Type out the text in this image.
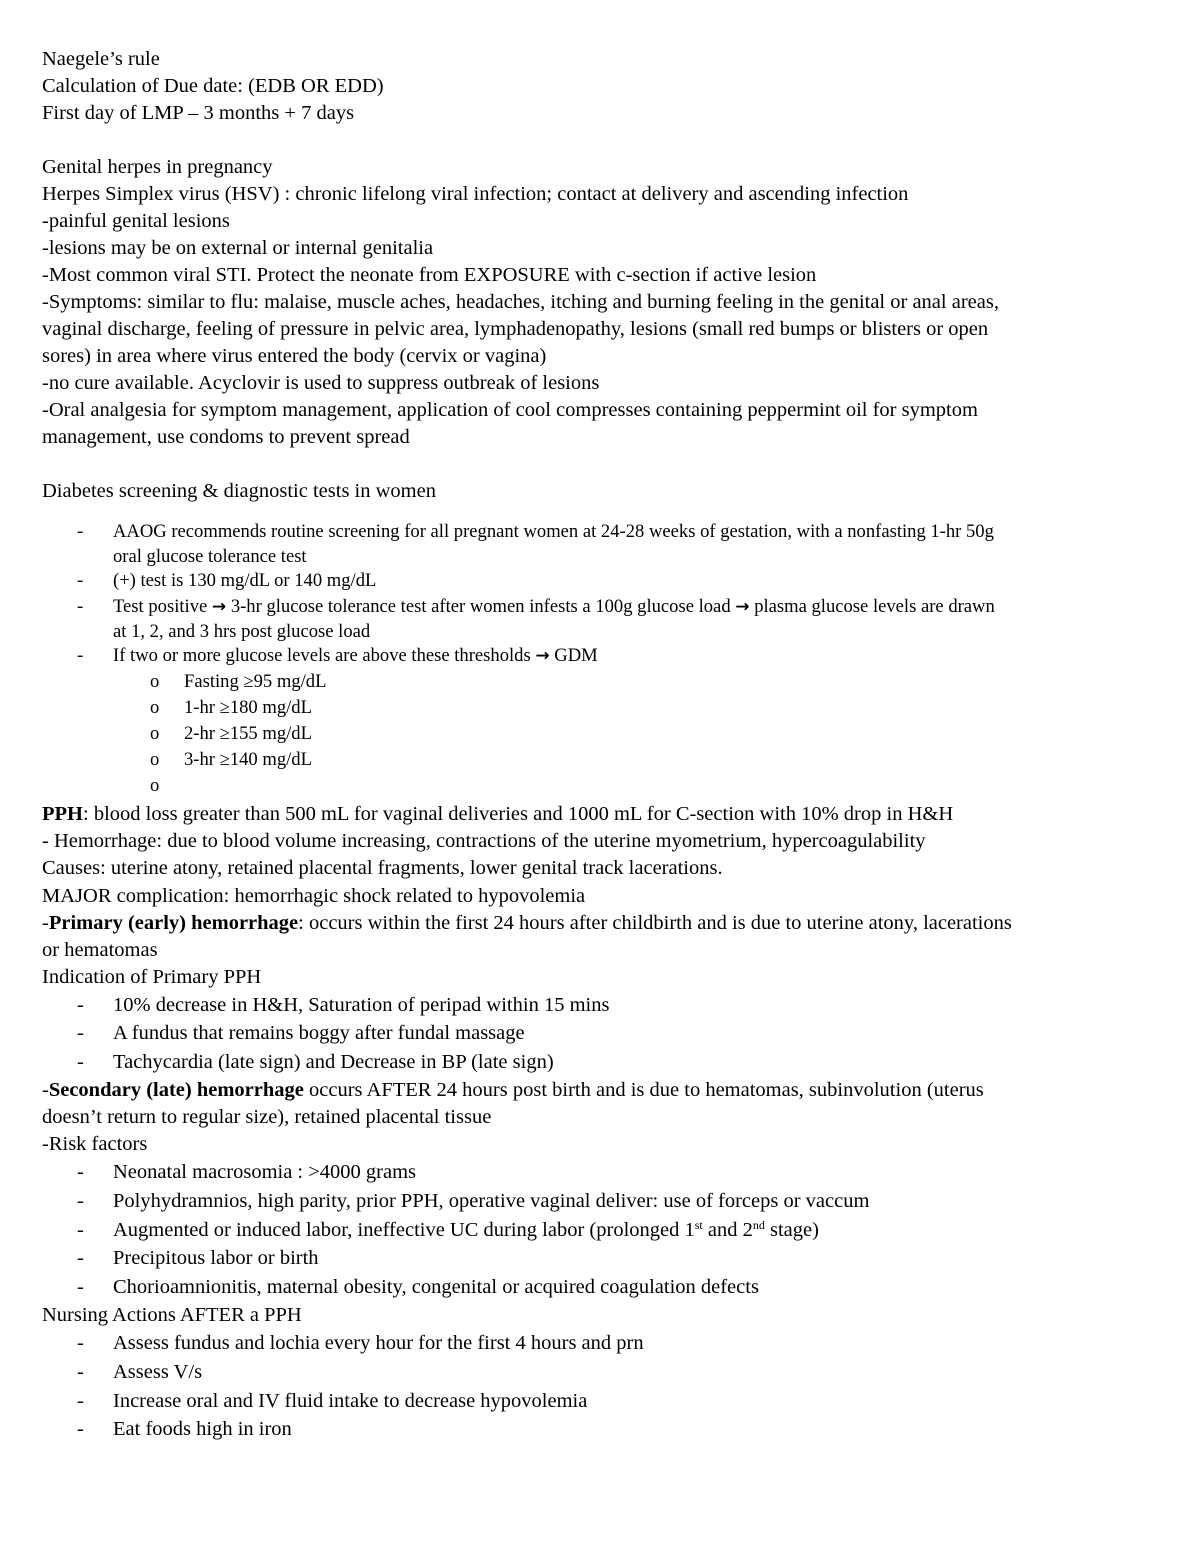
Naegele’s rule
Calculation of Due date: (EDB OR EDD)
First day of LMP – 3 months + 7 days
Genital herpes in pregnancy
Herpes Simplex virus (HSV) : chronic lifelong viral infection; contact at delivery and ascending infection
-painful genital lesions
-lesions may be on external or internal genitalia
-Most common viral STI. Protect the neonate from EXPOSURE with c-section if active lesion
-Symptoms: similar to flu: malaise, muscle aches, headaches, itching and burning feeling in the genital or anal areas,
vaginal discharge, feeling of pressure in pelvic area, lymphadenopathy, lesions (small red bumps or blisters or open
sores) in area where virus entered the body (cervix or vagina)
-no cure available. Acyclovir is used to suppress outbreak of lesions
-Oral analgesia for symptom management, application of cool compresses containing peppermint oil for symptom
management, use condoms to prevent spread
Diabetes screening & diagnostic tests in women
- AAOG recommends routine screening for all pregnant women at 24-28 weeks of gestation, with a nonfasting 1-hr 50g
oral glucose tolerance test
- (+) test is 130 mg/dL or 140 mg/dL
- Test positive → 3-hr glucose tolerance test after women infests a 100g glucose load → plasma glucose levels are drawn
at 1, 2, and 3 hrs post glucose load
- If two or more glucose levels are above these thresholds → GDM
o Fasting ≥95 mg/dL
o 1-hr ≥180 mg/dL
o 2-hr ≥155 mg/dL
o 3-hr ≥140 mg/dL
o
PPH: blood loss greater than 500 mL for vaginal deliveries and 1000 mL for C-section with 10% drop in H&H
- Hemorrhage: due to blood volume increasing, contractions of the uterine myometrium, hypercoagulability
Causes: uterine atony, retained placental fragments, lower genital track lacerations.
MAJOR complication: hemorrhagic shock related to hypovolemia
-Primary (early) hemorrhage: occurs within the first 24 hours after childbirth and is due to uterine atony, lacerations
or hematomas
Indication of Primary PPH
- 10% decrease in H&H, Saturation of peripad within 15 mins
- A fundus that remains boggy after fundal massage
- Tachycardia (late sign) and Decrease in BP (late sign)
-Secondary (late) hemorrhage occurs AFTER 24 hours post birth and is due to hematomas, subinvolution (uterus
doesn’t return to regular size), retained placental tissue
-Risk factors
- Neonatal macrosomia : >4000 grams
- Polyhydramnios, high parity, prior PPH, operative vaginal deliver: use of forceps or vaccum
- Augmented or induced labor, ineffective UC during labor (prolonged 1st and 2nd stage)
- Precipitous labor or birth
- Chorioamnionitis, maternal obesity, congenital or acquired coagulation defects
Nursing Actions AFTER a PPH
- Assess fundus and lochia every hour for the first 4 hours and prn
- Assess V/s
- Increase oral and IV fluid intake to decrease hypovolemia
- Eat foods high in iron
